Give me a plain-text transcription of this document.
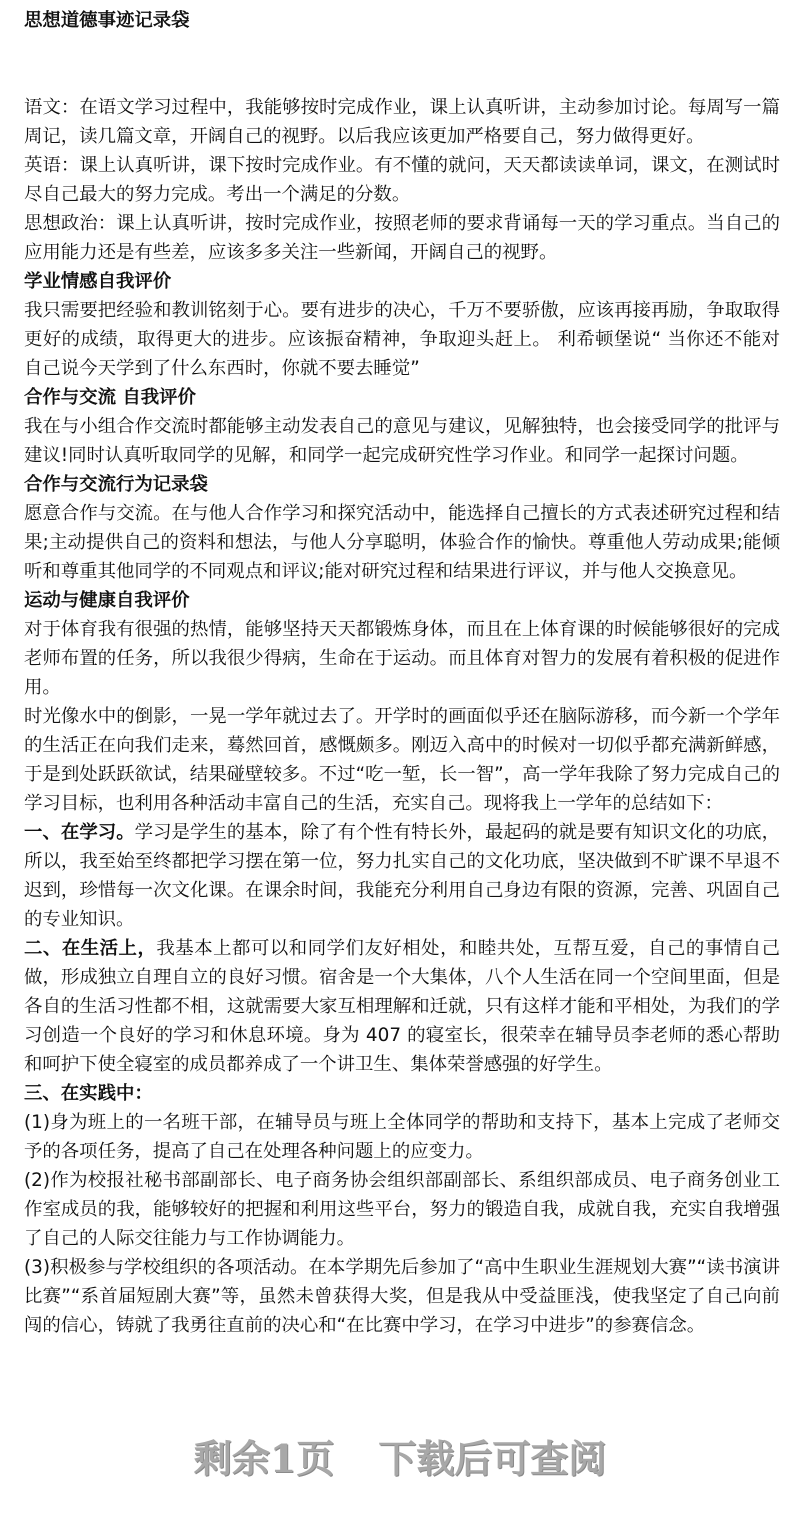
思想道德事迹记录袋

语文：在语文学习过程中，我能够按时完成作业，课上认真听讲，主动参加讨论。每周写一篇周记，读几篇文章，开阔自己的视野。以后我应该更加严格要自己，努力做得更好。

英语：课上认真听讲，课下按时完成作业。有不懂的就问，天天都读读单词，课文，在测试时尽自己最大的努力完成。考出一个满足的分数。

思想政治：课上认真听讲，按时完成作业，按照老师的要求背诵每一天的学习重点。当自己的应用能力还是有些差，应该多多关注一些新闻，开阔自己的视野。

学业情感自我评价

我只需要把经验和教训铭刻于心。要有进步的决心，千万不要骄傲，应该再接再励，争取取得更好的成绩，取得更大的进步。应该振奋精神，争取迎头赶上。 利希顿堡说“ 当你还不能对自己说今天学到了什么东西时，你就不要去睡觉”

合作与交流 自我评价

我在与小组合作交流时都能够主动发表自己的意见与建议，见解独特，也会接受同学的批评与建议!同时认真听取同学的见解，和同学一起完成研究性学习作业。和同学一起探讨问题。

合作与交流行为记录袋

愿意合作与交流。在与他人合作学习和探究活动中，能选择自己擅长的方式表述研究过程和结果;主动提供自己的资料和想法，与他人分享聪明，体验合作的愉快。尊重他人劳动成果;能倾听和尊重其他同学的不同观点和评议;能对研究过程和结果进行评议，并与他人交换意见。

运动与健康自我评价

对于体育我有很强的热情，能够坚持天天都锻炼身体，而且在上体育课的时候能够很好的完成老师布置的任务，所以我很少得病，生命在于运动。而且体育对智力的发展有着积极的促进作用。

时光像水中的倒影，一晃一学年就过去了。开学时的画面似乎还在脑际游移，而今新一个学年的生活正在向我们走来，蓦然回首，感慨颇多。刚迈入高中的时候对一切似乎都充满新鲜感，于是到处跃跃欲试，结果碰壁较多。不过“吃一堑，长一智”，高一学年我除了努力完成自己的学习目标，也利用各种活动丰富自己的生活，充实自己。现将我上一学年的总结如下：

一、在学习。学习是学生的基本，除了有个性有特长外，最起码的就是要有知识文化的功底，所以，我至始至终都把学习摆在第一位，努力扎实自己的文化功底，坚决做到不旷课不早退不迟到，珍惜每一次文化课。在课余时间，我能充分利用自己身边有限的资源，完善、巩固自己的专业知识。

二、在生活上，我基本上都可以和同学们友好相处，和睦共处，互帮互爱，自己的事情自己做，形成独立自理自立的良好习惯。宿舍是一个大集体，八个人生活在同一个空间里面，但是各自的生活习性都不相，这就需要大家互相理解和迁就，只有这样才能和平相处，为我们的学习创造一个良好的学习和休息环境。身为 407 的寝室长，很荣幸在辅导员李老师的悉心帮助和呵护下使全寝室的成员都养成了一个讲卫生、集体荣誉感强的好学生。

三、在实践中：

(1)身为班上的一名班干部，在辅导员与班上全体同学的帮助和支持下，基本上完成了老师交予的各项任务，提高了自己在处理各种问题上的应变力。

(2)作为校报社秘书部副部长、电子商务协会组织部副部长、系组织部成员、电子商务创业工作室成员的我，能够较好的把握和利用这些平台，努力的锻造自我，成就自我，充实自我增强了自己的人际交往能力与工作协调能力。

(3)积极参与学校组织的各项活动。在本学期先后参加了“高中生职业生涯规划大赛”“读书演讲比赛”“系首届短剧大赛”等，虽然未曾获得大奖，但是我从中受益匪浅，使我坚定了自己向前闯的信心，铸就了我勇往直前的决心和“在比赛中学习，在学习中进步”的参赛信念。

剩余1页 下载后可查阅
